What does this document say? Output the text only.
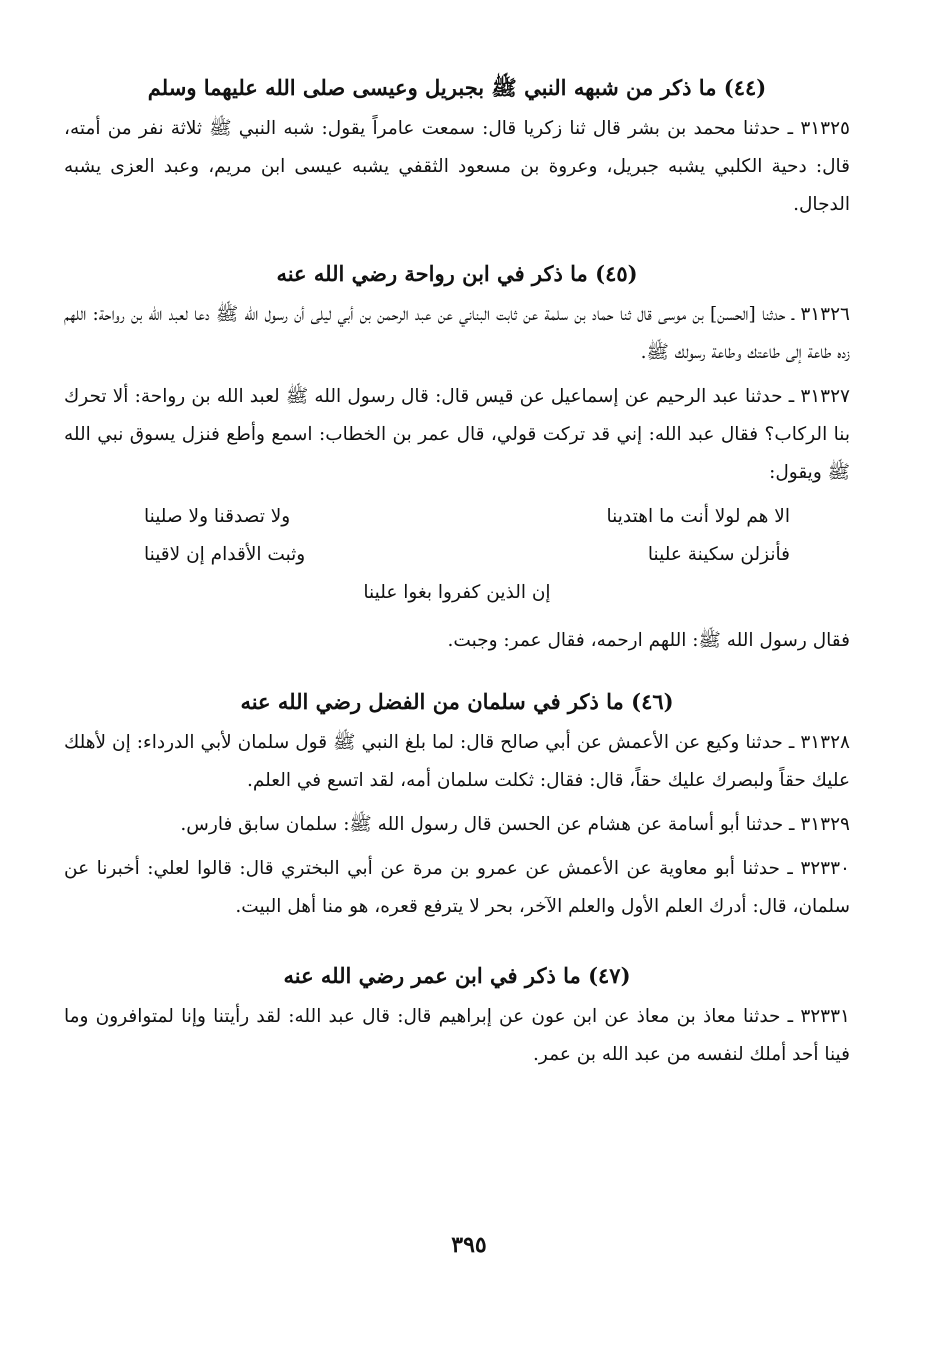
(٤٤) ما ذكر من شبهه النبي ﷺ بجبريل وعيسى صلى الله عليهما وسلم

٣١٣٢٥ ـ حدثنا محمد بن بشر قال ثنا زكريا قال: سمعت عامراً يقول: شبه النبي ﷺ ثلاثة نفر من أمته، قال: دحية الكلبي يشبه جبريل، وعروة بن مسعود الثقفي يشبه عيسى ابن مريم، وعبد العزى يشبه الدجال.

(٤٥) ما ذكر في ابن رواحة رضي الله عنه

٣١٣٢٦ ـ حدثنا [الحسن] بن موسى قال ثنا حماد بن سلمة عن ثابت البناني عن عبد الرحمن بن أبي ليلى أن رسول الله ﷺ دعا لعبد الله بن رواحة: اللهم زده طاعة إلى طاعتك وطاعة رسولك ﷺ.

٣١٣٢٧ ـ حدثنا عبد الرحيم عن إسماعيل عن قيس قال: قال رسول الله ﷺ لعبد الله بن رواحة: ألا تحرك بنا الركاب؟ فقال عبد الله: إني قد تركت قولي، قال عمر بن الخطاب: اسمع وأطع فنزل يسوق نبي الله ﷺ ويقول:

الا هم لولا أنت ما اهتدينا
ولا تصدقنا ولا صلينا
فأنزلن سكينة علينا
وثبت الأقدام إن لاقينا
إن الذين كفروا بغوا علينا

فقال رسول الله ﷺ: اللهم ارحمه، فقال عمر: وجبت.

(٤٦) ما ذكر في سلمان من الفضل رضي الله عنه

٣١٣٢٨ ـ حدثنا وكيع عن الأعمش عن أبي صالح قال: لما بلغ النبي ﷺ قول سلمان لأبي الدرداء: إن لأهلك عليك حقاً ولبصرك عليك حقاً، قال: فقال: ثكلت سلمان أمه، لقد اتسع في العلم.

٣١٣٢٩ ـ حدثنا أبو أسامة عن هشام عن الحسن قال رسول الله ﷺ: سلمان سابق فارس.

٣٢٣٣٠ ـ حدثنا أبو معاوية عن الأعمش عن عمرو بن مرة عن أبي البختري قال: قالوا لعلي: أخبرنا عن سلمان، قال: أدرك العلم الأول والعلم الآخر، بحر لا يترفع قعره، هو منا أهل البيت.

(٤٧) ما ذكر في ابن عمر رضي الله عنه

٣٢٣٣١ ـ حدثنا معاذ بن معاذ عن ابن عون عن إبراهيم قال: قال عبد الله: لقد رأيتنا وإنا لمتوافرون وما فينا أحد أملك لنفسه من عبد الله بن عمر.

٣٩٥
